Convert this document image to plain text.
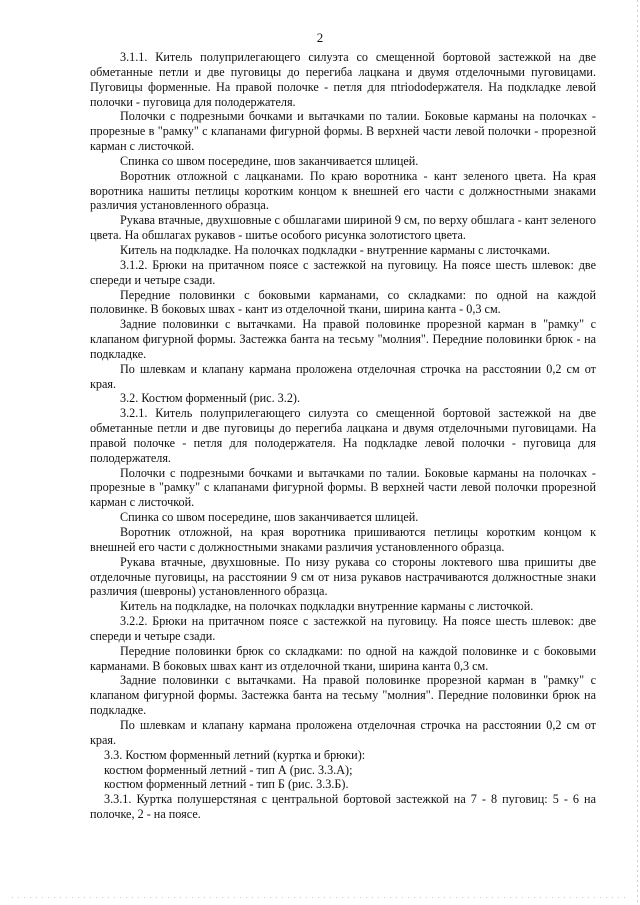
2

3.1.1. Китель полуприлегающего силуэта со смещенной бортовой застежкой на две обметанные петли и две пуговицы до перегиба лацкана и двумя отделочными пуговицами. Пуговицы форменные. На правой полочке - петля для пtriododержателя. На подкладке левой полочки - пуговица для полодержателя.

Полочки с подрезными бочками и вытачками по талии. Боковые карманы на полочках - прорезные в "рамку" с клапанами фигурной формы. В верхней части левой полочки - прорезной карман с листочкой.

Спинка со швом посередине, шов заканчивается шлицей.

Воротник отложной с лацканами. По краю воротника - кант зеленого цвета. На края воротника нашиты петлицы коротким концом к внешней его части с должностными знаками различия установленного образца.

Рукава втачные, двухшовные с обшлагами шириной 9 см, по верху обшлага - кант зеленого цвета. На обшлагах рукавов - шитье особого рисунка золотистого цвета.

Китель на подкладке. На полочках подкладки - внутренние карманы с листочками.

3.1.2. Брюки на притачном поясе с застежкой на пуговицу. На поясе шесть шлевок: две спереди и четыре сзади.

Передние половинки с боковыми карманами, со складками: по одной на каждой половинке. В боковых швах - кант из отделочной ткани, ширина канта - 0,3 см.

Задние половинки с вытачками. На правой половинке прорезной карман в "рамку" с клапаном фигурной формы. Застежка банта на тесьму "молния". Передние половинки брюк - на подкладке.

По шлевкам и клапану кармана проложена отделочная строчка на расстоянии 0,2 см от края.

3.2. Костюм форменный (рис. 3.2).

3.2.1. Китель полуприлегающего силуэта со смещенной бортовой застежкой на две обметанные петли и две пуговицы до перегиба лацкана и двумя отделочными пуговицами. На правой полочке - петля для полодержателя. На подкладке левой полочки - пуговица для полодержателя.

Полочки с подрезными бочками и вытачками по талии. Боковые карманы на полочках - прорезные в "рамку" с клапанами фигурной формы. В верхней части левой полочки прорезной карман с листочкой.

Спинка со швом посередине, шов заканчивается шлицей.

Воротник отложной, на края воротника пришиваются петлицы коротким концом к внешней его части с должностными знаками различия установленного образца.

Рукава втачные, двухшовные. По низу рукава со стороны локтевого шва пришиты две отделочные пуговицы, на расстоянии 9 см от низа рукавов настрачиваются должностные знаки различия (шевроны) установленного образца.

Китель на подкладке, на полочках подкладки внутренние карманы с листочкой.

3.2.2. Брюки на притачном поясе с застежкой на пуговицу. На поясе шесть шлевок: две спереди и четыре сзади.

Передние половинки брюк со складками: по одной на каждой половинке и с боковыми карманами. В боковых швах кант из отделочной ткани, ширина канта 0,3 см.

Задние половинки с вытачками. На правой половинке прорезной карман в "рамку" с клапаном фигурной формы. Застежка банта на тесьму "молния". Передние половинки брюк на подкладке.

По шлевкам и клапану кармана проложена отделочная строчка на расстоянии 0,2 см от края.

3.3. Костюм форменный летний (куртка и брюки):

костюм форменный летний - тип А (рис. 3.3.А);

костюм форменный летний - тип Б (рис. 3.3.Б).

3.3.1. Куртка полушерстяная с центральной бортовой застежкой на 7 - 8 пуговиц: 5 - 6 на полочке, 2 - на поясе.
